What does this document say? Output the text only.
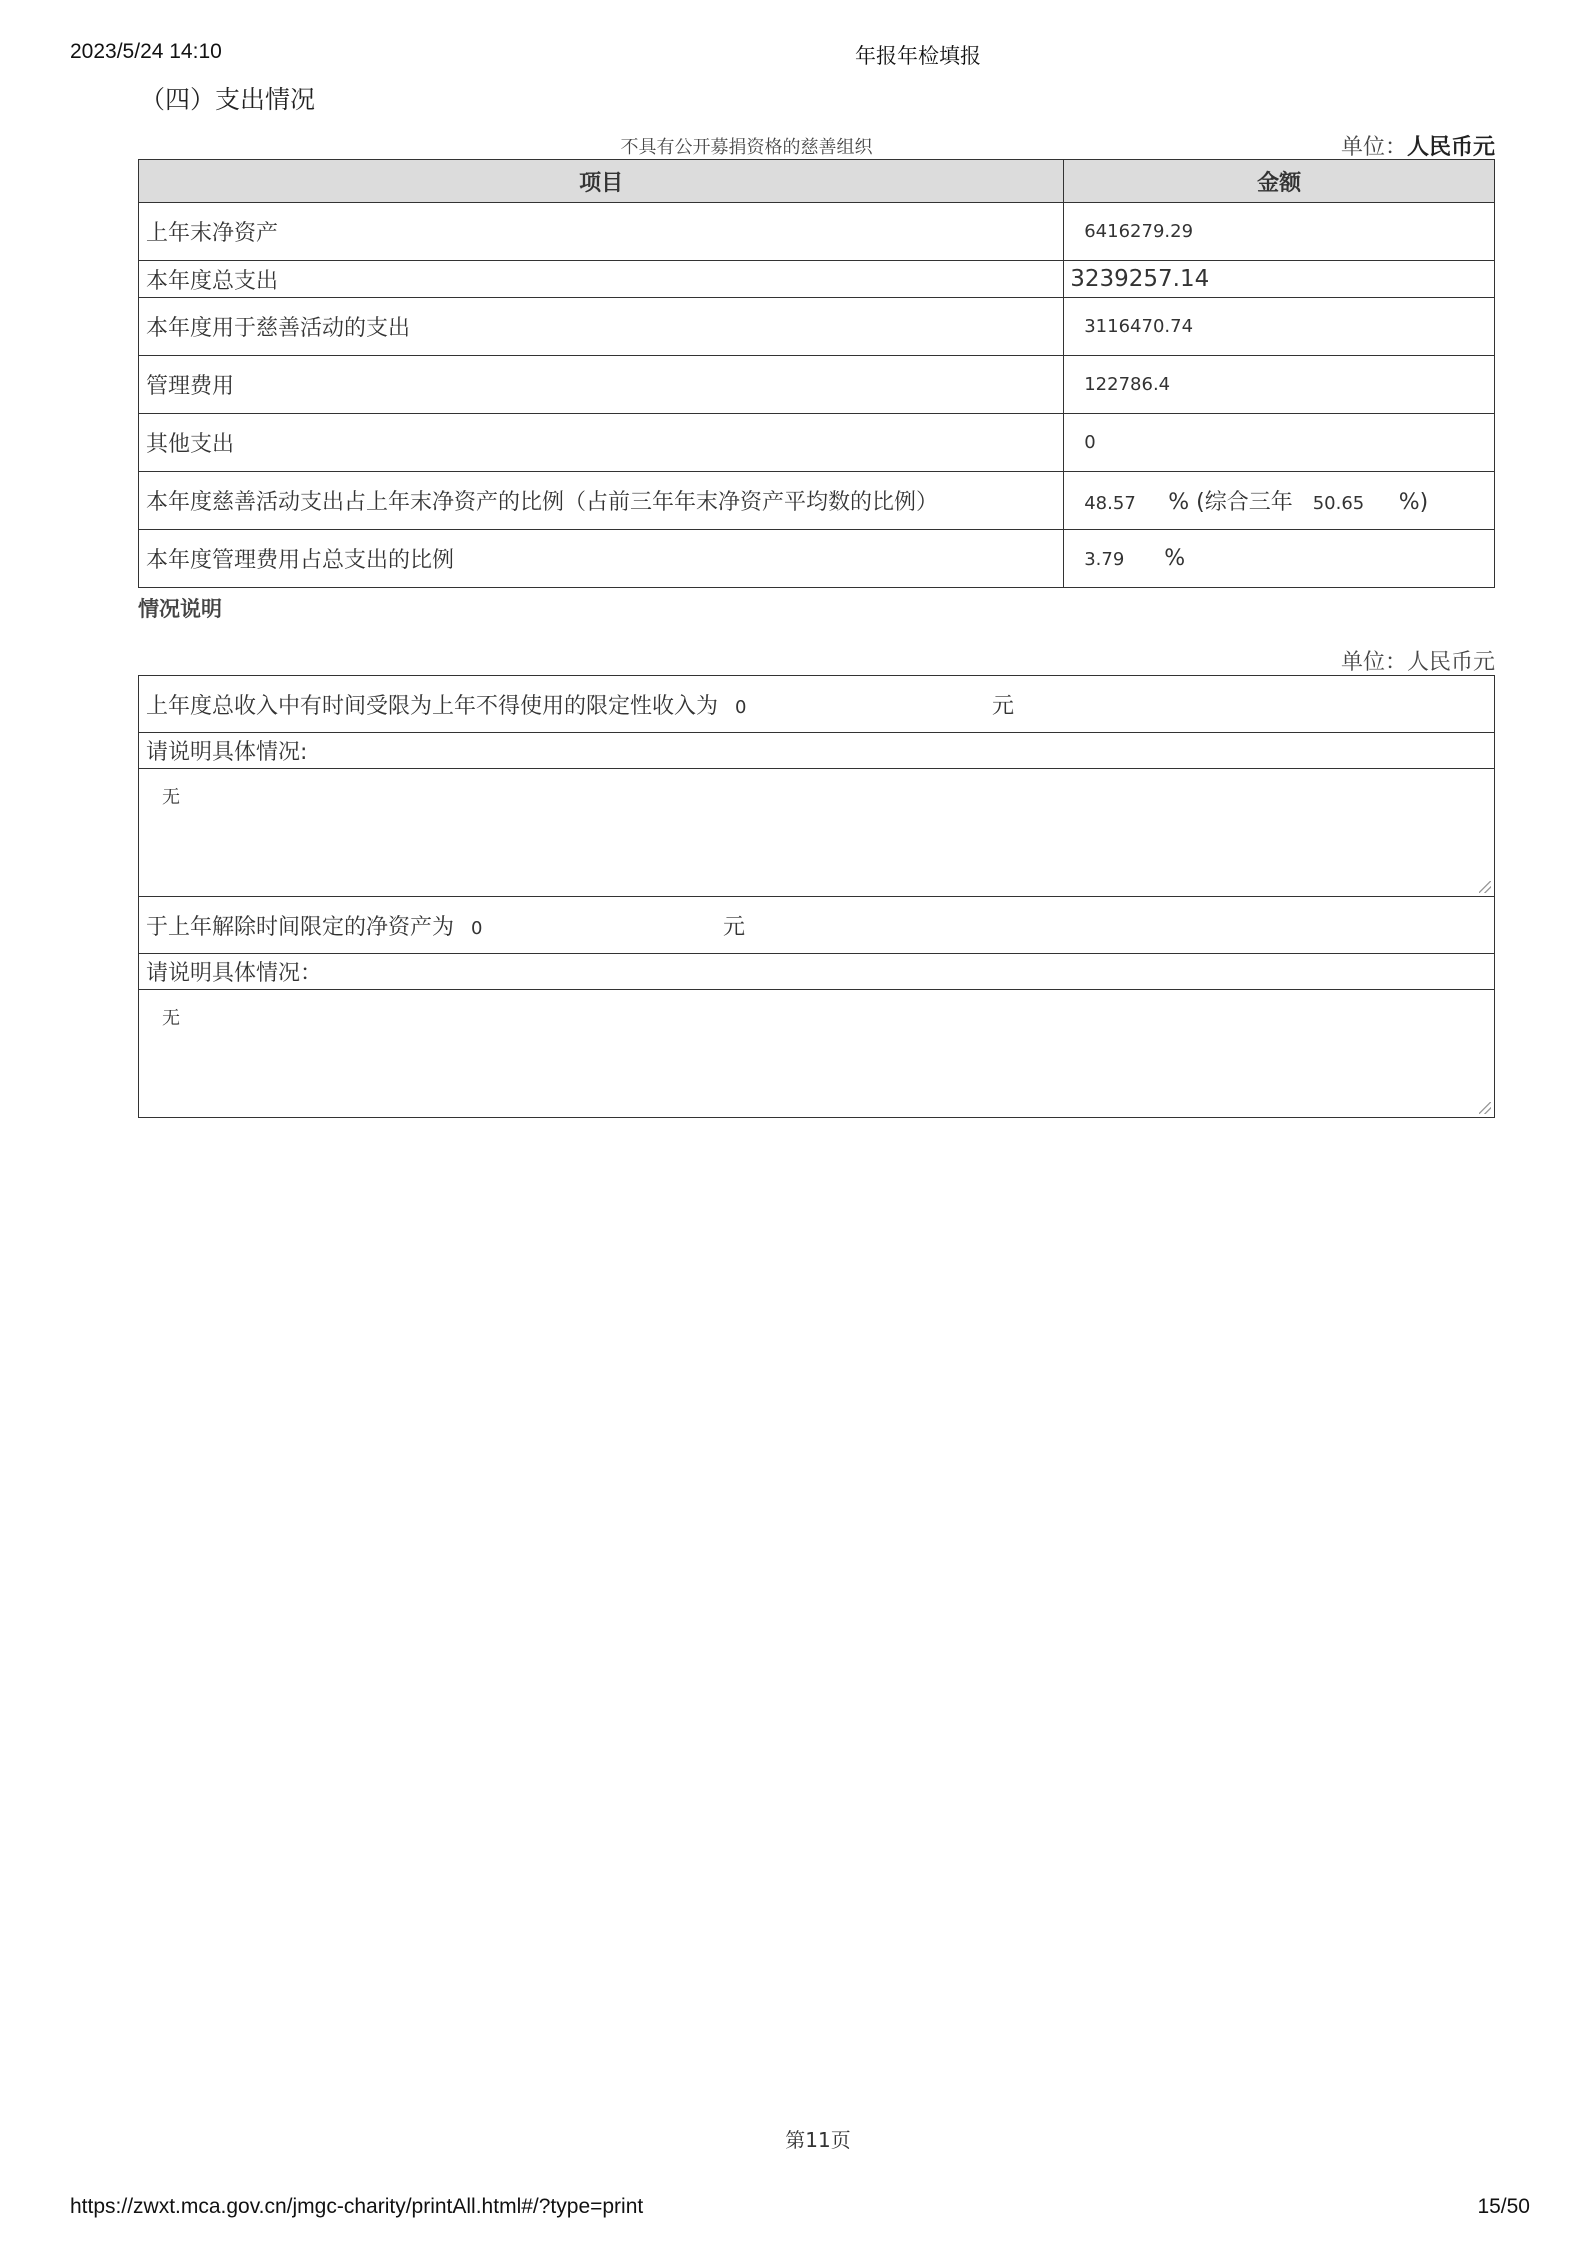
2023/5/24 14:10	年报年检填报
（四）支出情况
不具有公开募捐资格的慈善组织	单位：人民币元
项目	金额
上年末净资产	6416279.29
本年度总支出	3239257.14
本年度用于慈善活动的支出	3116470.74
管理费用	122786.4
其他支出	0
本年度慈善活动支出占上年末净资产的比例（占前三年年末净资产平均数的比例）	48.57 % (综合三年 50.65 %)
本年度管理费用占总支出的比例	3.79 %
情况说明
单位：人民币元
上年度总收入中有时间受限为上年不得使用的限定性收入为 0	元
请说明具体情况:

无

于上年解除时间限定的净资产为 0	元
请说明具体情况：

无
第11页
https://zwxt.mca.gov.cn/jmgc-charity/printAll.html#/?type=print	15/50
